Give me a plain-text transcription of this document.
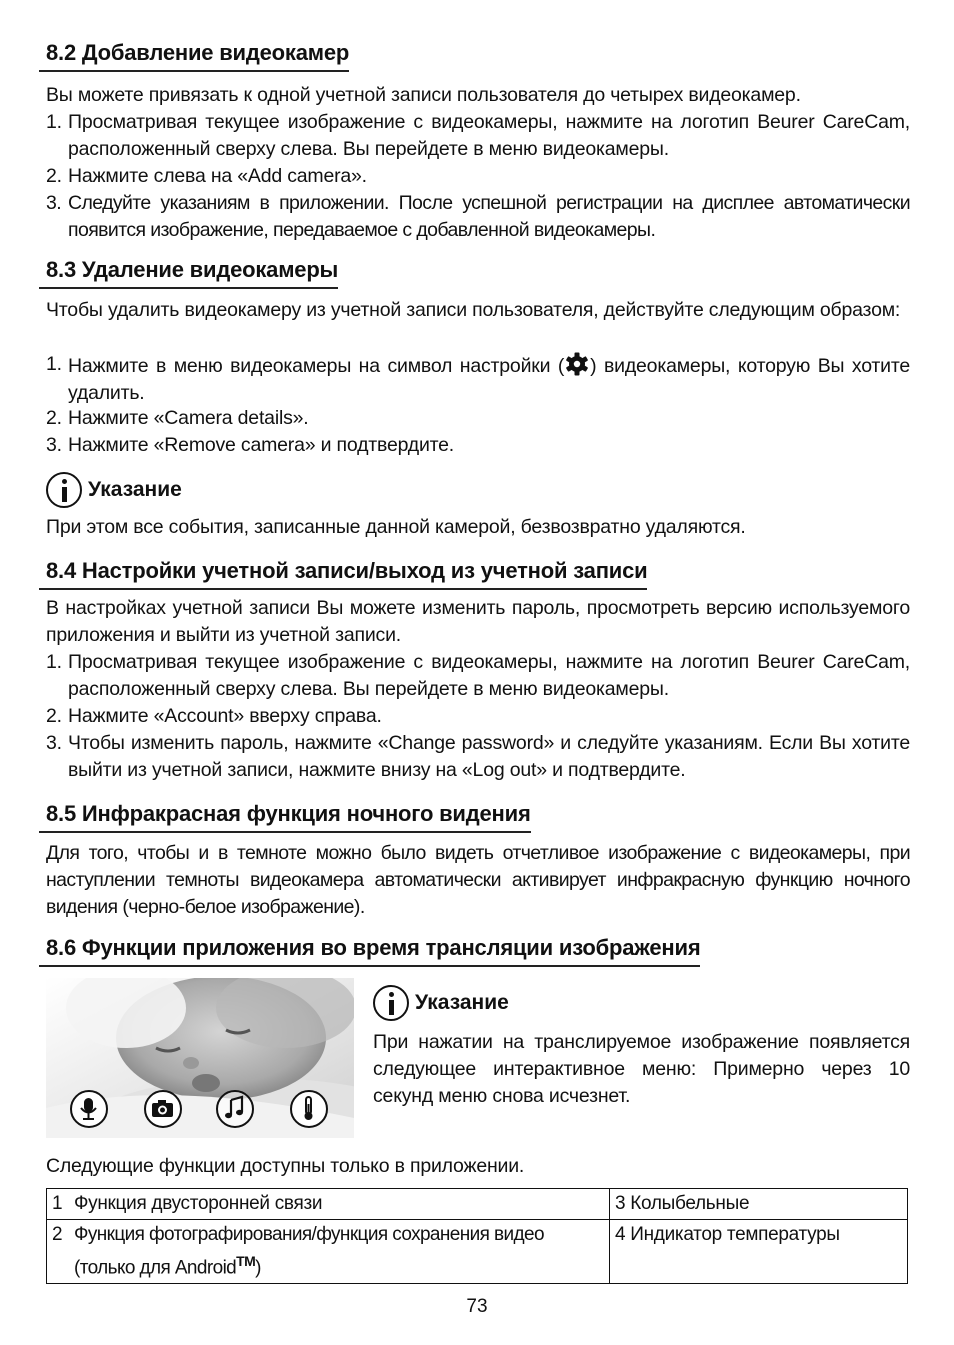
8.2 Добавление видеокамер
Вы можете привязать к одной учетной записи пользователя до четырех видеокамер.
1. Просматривая текущее изображение с видеокамеры, нажмите на логотип Beurer CareCam, расположенный сверху слева. Вы перейдете в меню видеокамеры.
2. Нажмите слева на «Add camera».
3. Следуйте указаниям в приложении. После успешной регистрации на дисплее автоматически появится изображение, передаваемое с добавленной видеокамеры.
8.3 Удаление видеокамеры
Чтобы удалить видеокамеру из учетной записи пользователя, действуйте следующим образом:
1. Нажмите в меню видеокамеры на символ настройки ( ) видеокамеры, которую Вы хотите удалить.
2. Нажмите «Camera details».
3. Нажмите «Remove camera» и подтвердите.
Указание
При этом все события, записанные данной камерой, безвозвратно удаляются.
8.4 Настройки учетной записи/выход из учетной записи
В настройках учетной записи Вы можете изменить пароль, просмотреть версию используемого приложения и выйти из учетной записи.
1. Просматривая текущее изображение с видеокамеры, нажмите на логотип Beurer CareCam, расположенный сверху слева. Вы перейдете в меню видеокамеры.
2. Нажмите «Account» вверху справа.
3. Чтобы изменить пароль, нажмите «Change password» и следуйте указаниям. Если Вы хотите выйти из учетной записи, нажмите внизу на «Log out» и подтвердите.
8.5 Инфракрасная функция ночного видения
Для того, чтобы и в темноте можно было видеть отчетливое изображение с видеокамеры, при наступлении темноты видеокамера автоматически активирует инфракрасную функцию ночного видения (черно-белое изображение).
8.6 Функции приложения во время трансляции изображения
Указание
При нажатии на транслируемое изображение появляется следующее интерактивное меню: Примерно через 10 секунд меню снова исчезнет.
Следующие функции доступны только в приложении.
1 Функция двусторонней связи	3 Колыбельные

2 Функция фотографирования/функция сохранения видео (только для Android™)	4 Индикатор температуры
73
